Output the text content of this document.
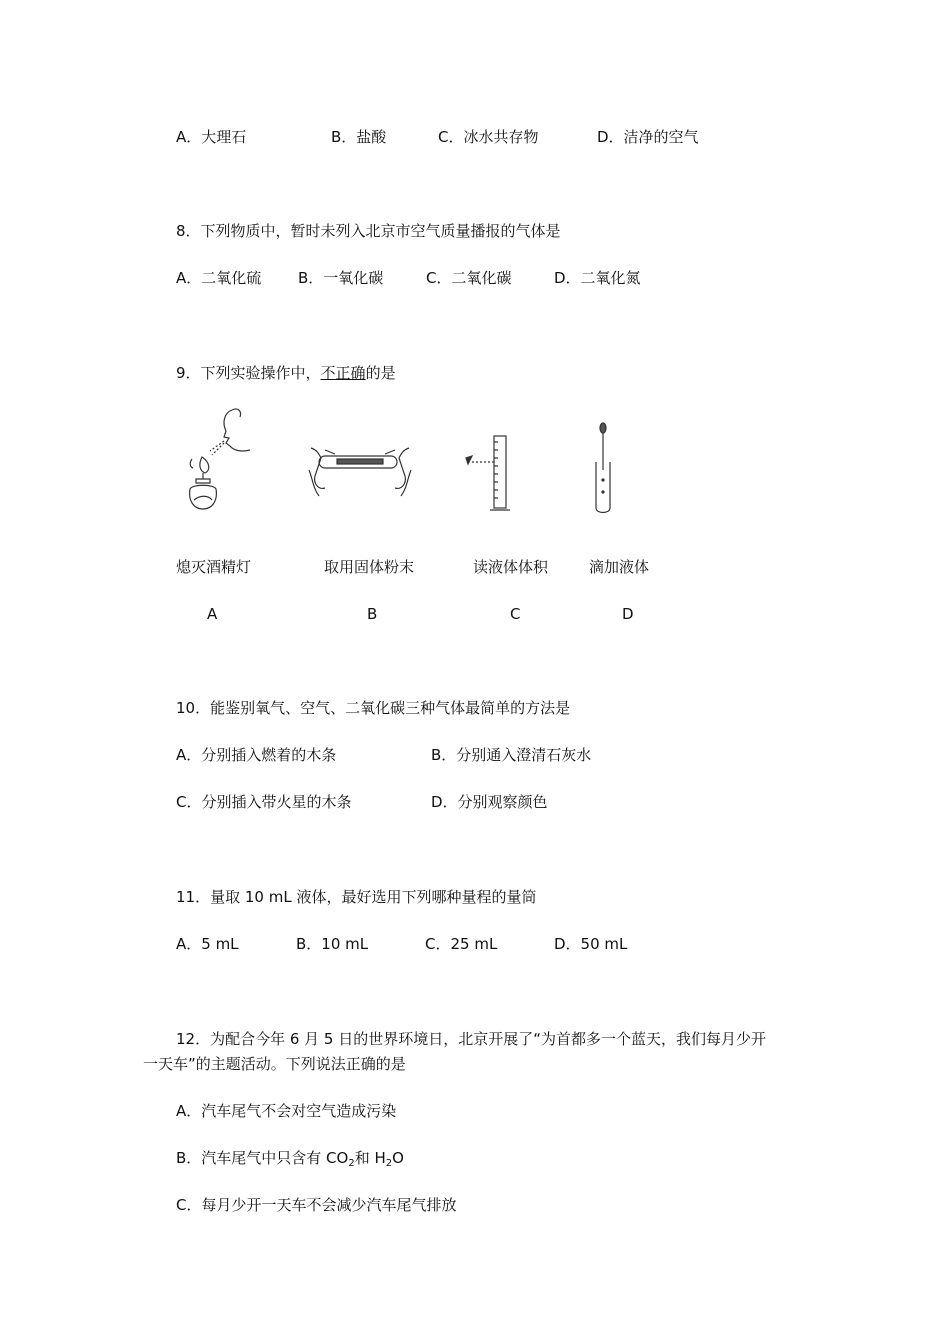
A．大理石	B．盐酸	C．冰水共存物	D．洁净的空气
8．下列物质中，暂时未列入北京市空气质量播报的气体是
A．二氧化硫 B．一氧化碳	C．二氧化碳	D．二氧化氮
9．下列实验操作中，不正确的是
熄灭酒精灯	取用固体粉末	读液体体积	滴加液体
A	B	C	D
10．能鉴别氧气、空气、二氧化碳三种气体最简单的方法是
A．分别插入燃着的木条	B．分别通入澄清石灰水
C．分别插入带火星的木条	D．分别观察颜色
11．量取 10 mL 液体，最好选用下列哪种量程的量筒
A．5 mL	B．10 mL	C．25 mL	D．50 mL
12．为配合今年 6 月 5 日的世界环境日，北京开展了“为首都多一个蓝天，我们每月少开
一天车”的主题活动。下列说法正确的是
A．汽车尾气不会对空气造成污染
B．汽车尾气中只含有 $CO_2$和 $H_2O$
C．每月少开一天车不会减少汽车尾气排放
